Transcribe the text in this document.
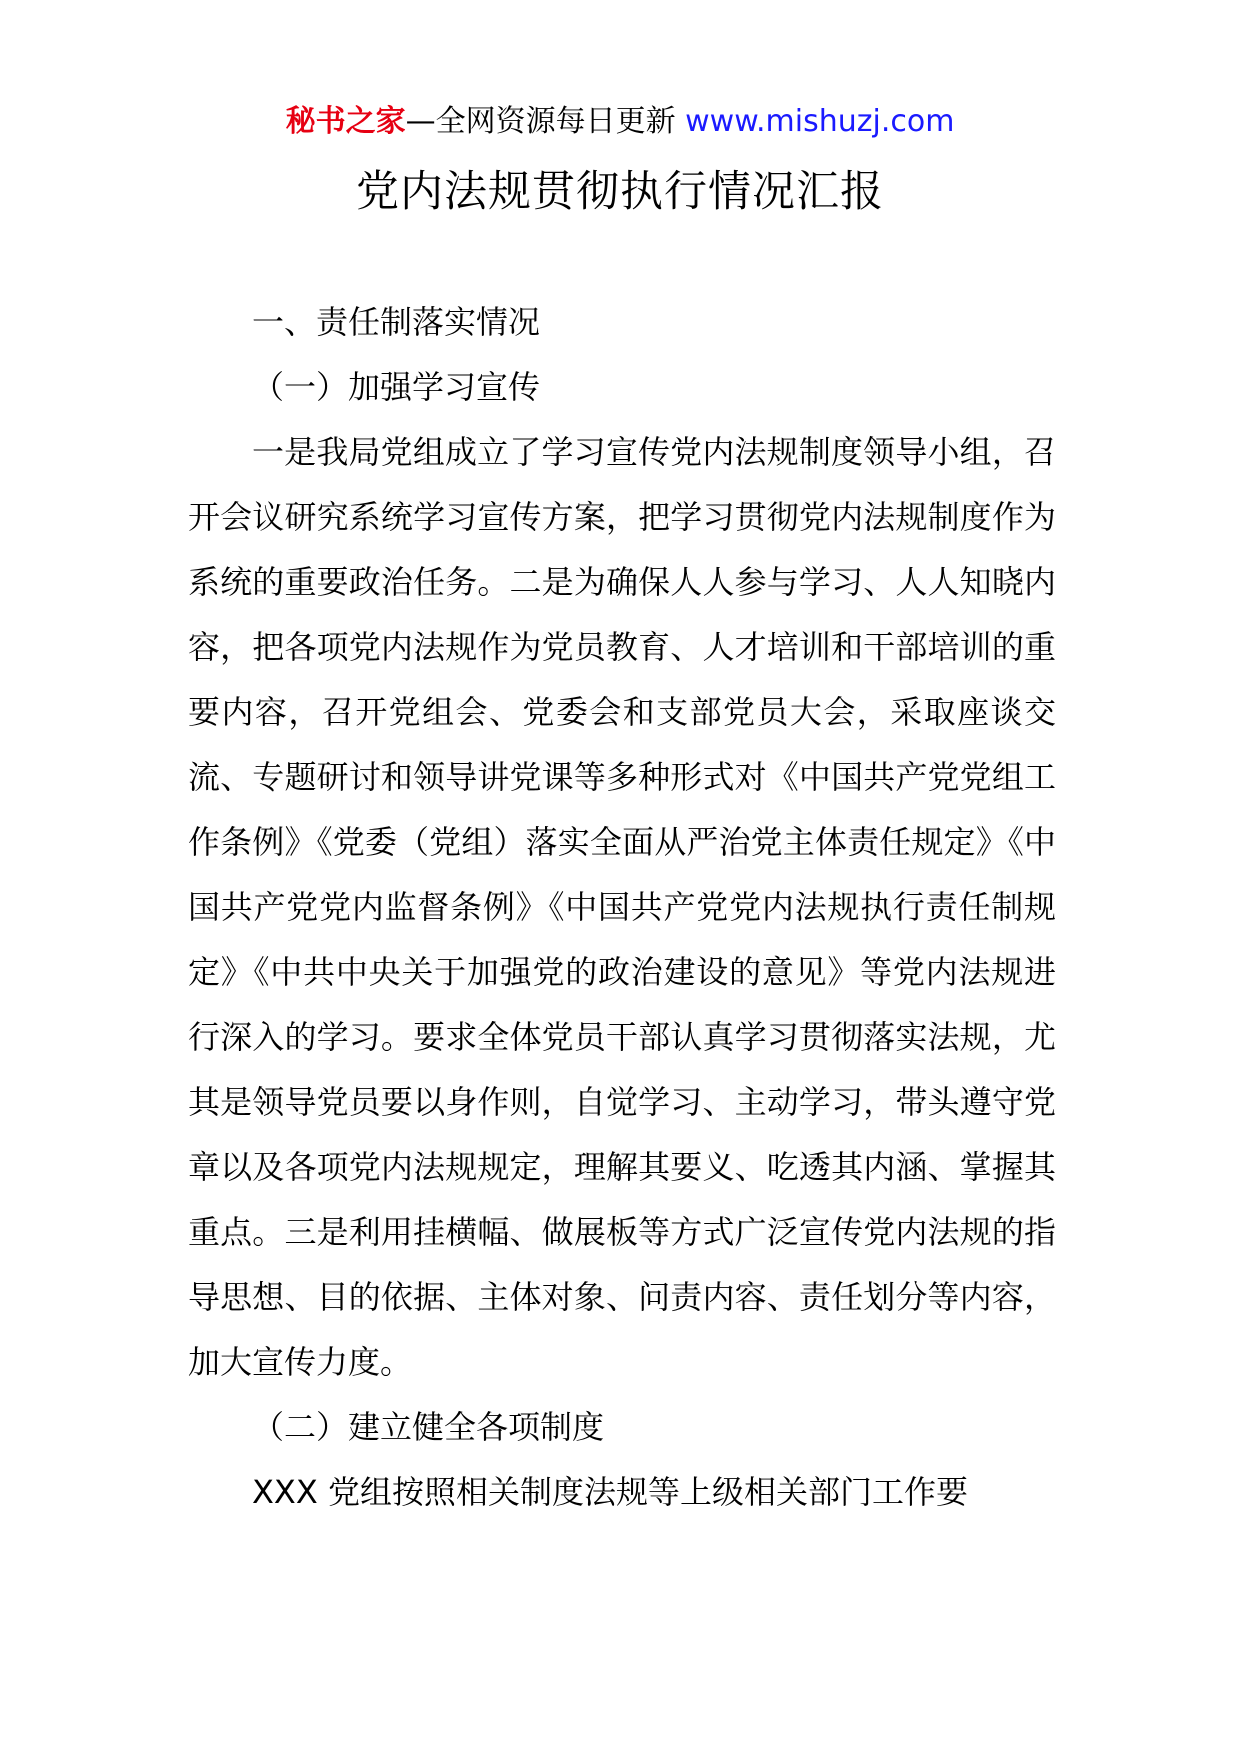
秘书之家—全网资源每日更新 www.mishuzj.com
党内法规贯彻执行情况汇报

一、责任制落实情况

（一）加强学习宣传

一是我局党组成立了学习宣传党内法规制度领导小组，召开会议研究系统学习宣传方案，把学习贯彻党内法规制度作为系统的重要政治任务。二是为确保人人参与学习、人人知晓内容，把各项党内法规作为党员教育、人才培训和干部培训的重要内容，召开党组会、党委会和支部党员大会，采取座谈交流、专题研讨和领导讲党课等多种形式对《中国共产党党组工作条例》《党委（党组）落实全面从严治党主体责任规定》《中国共产党党内监督条例》《中国共产党党内法规执行责任制规定》《中共中央关于加强党的政治建设的意见》等党内法规进行深入的学习。要求全体党员干部认真学习贯彻落实法规，尤其是领导党员要以身作则，自觉学习、主动学习，带头遵守党章以及各项党内法规规定，理解其要义、吃透其内涵、掌握其重点。三是利用挂横幅、做展板等方式广泛宣传党内法规的指导思想、目的依据、主体对象、问责内容、责任划分等内容，加大宣传力度。

（二）建立健全各项制度

XXX 党组按照相关制度法规等上级相关部门工作要
